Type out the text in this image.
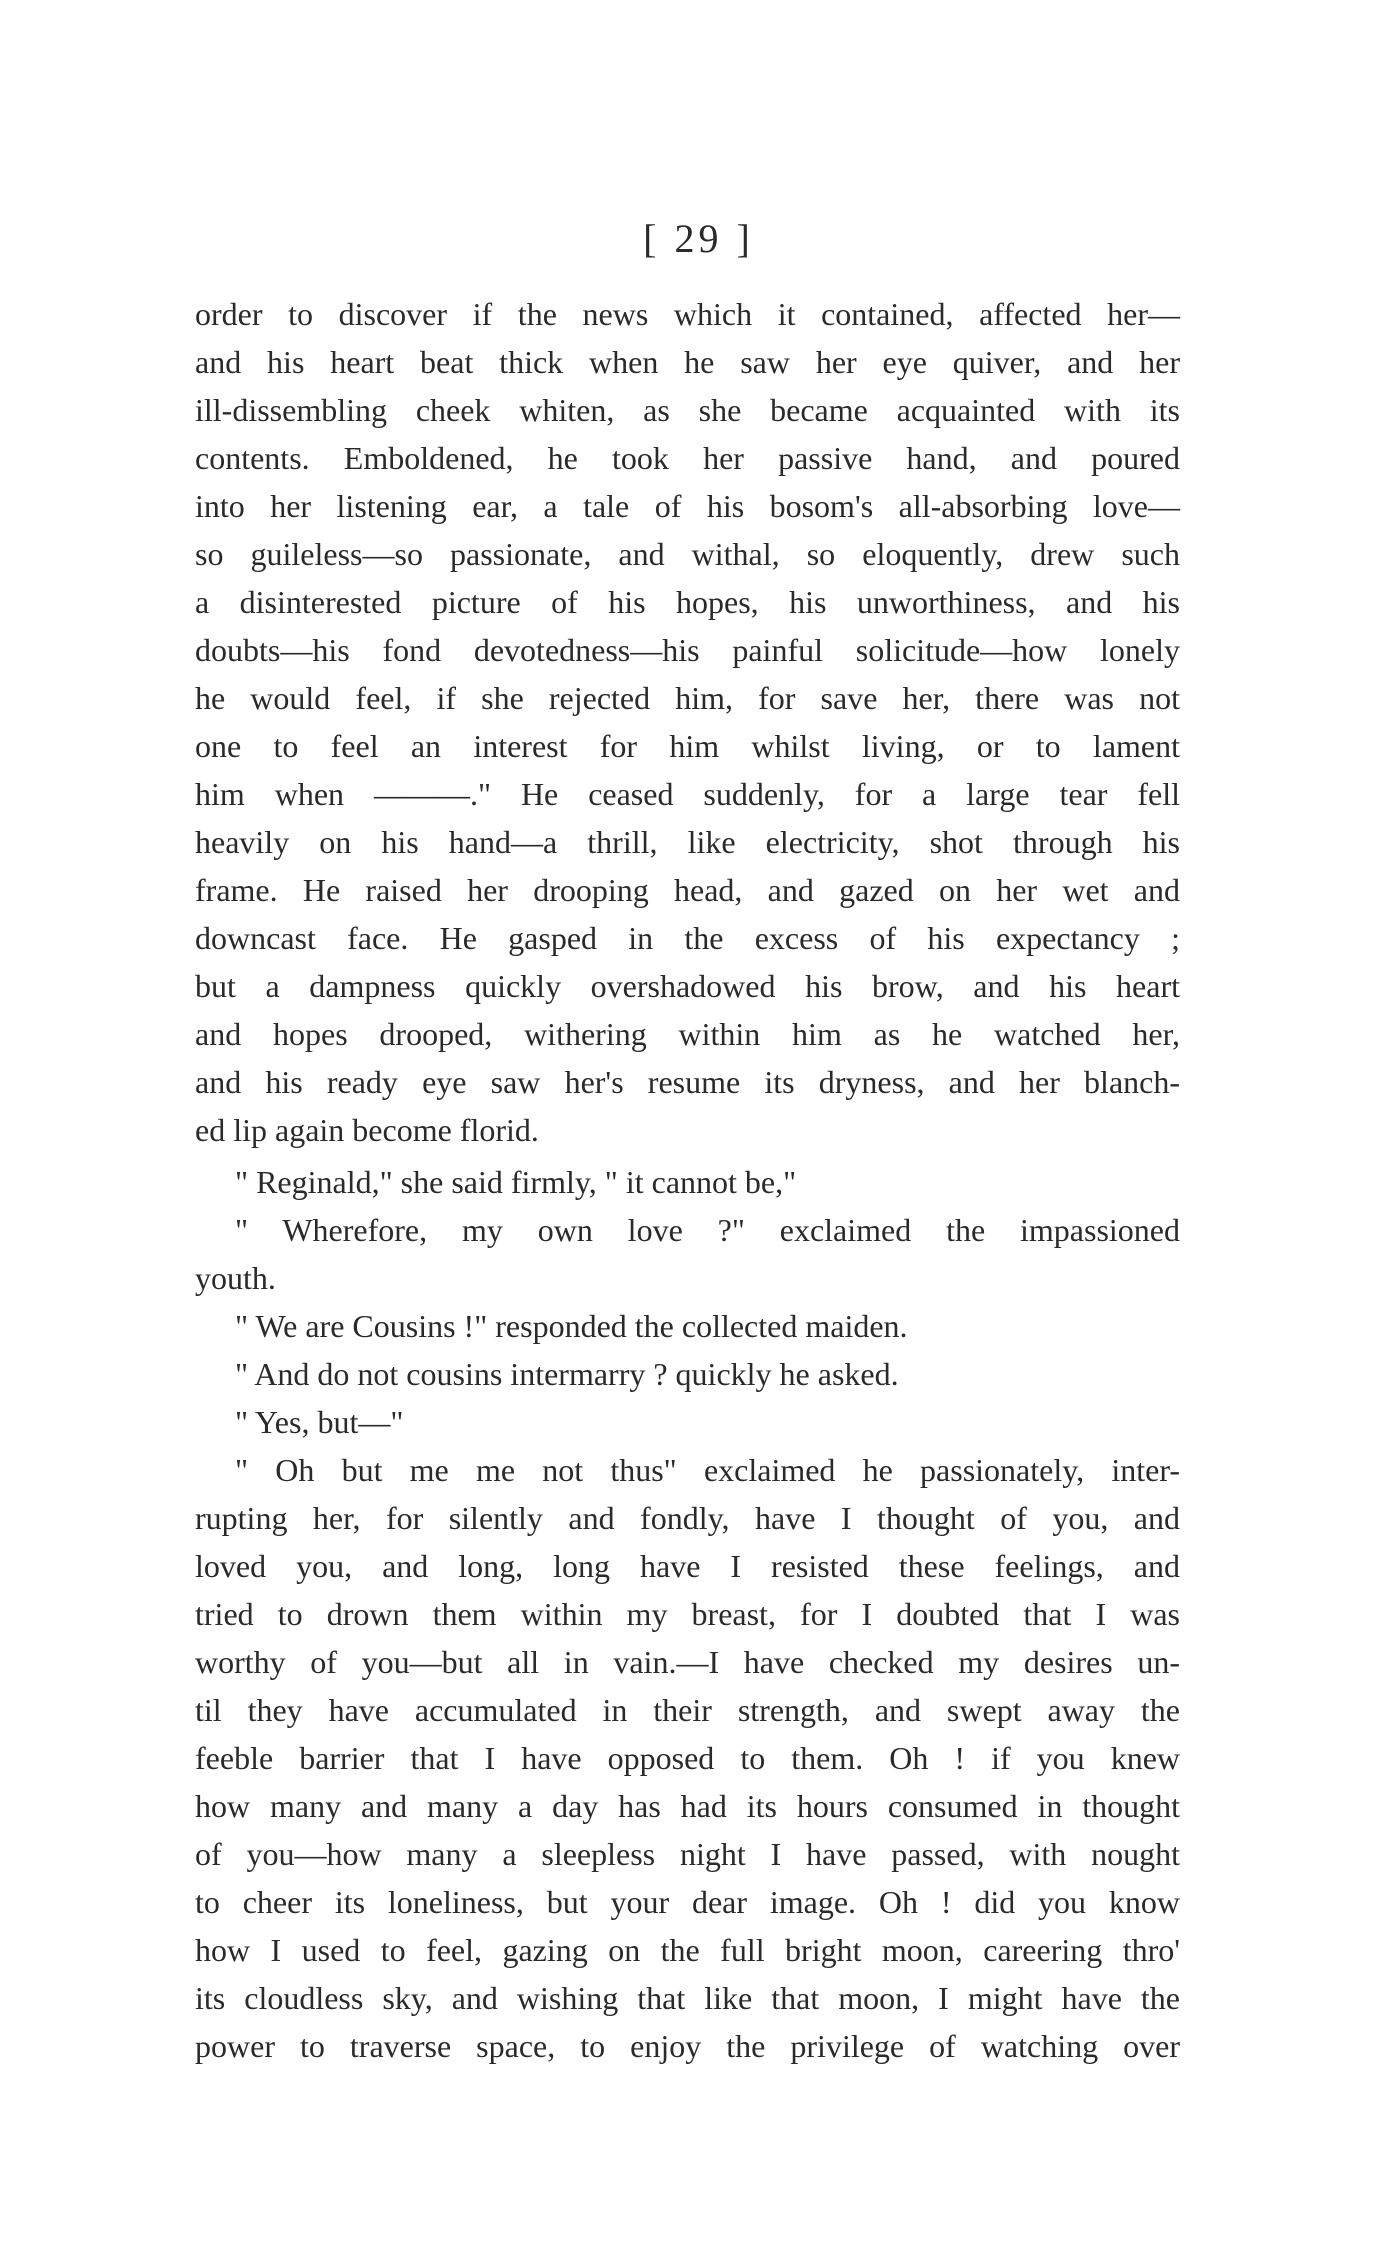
[ 29 ]
order to discover if the news which it contained, affected her—
and his heart beat thick when he saw her eye quiver, and her
ill-dissembling cheek whiten, as she became acquainted with its
contents. Emboldened, he took her passive hand, and poured
into her listening ear, a tale of his bosom's all-absorbing love—
so guileless—so passionate, and withal, so eloquently, drew such
a disinterested picture of his hopes, his unworthiness, and his
doubts—his fond devotedness—his painful solicitude—how lonely
he would feel, if she rejected him, for save her, there was not
one to feel an interest for him whilst living, or to lament
him when ———." He ceased suddenly, for a large tear fell
heavily on his hand—a thrill, like electricity, shot through his
frame. He raised her drooping head, and gazed on her wet and
downcast face. He gasped in the excess of his expectancy ;
but a dampness quickly overshadowed his brow, and his heart
and hopes drooped, withering within him as he watched her,
and his ready eye saw her's resume its dryness, and her blanch-
ed lip again become florid.
" Reginald," she said firmly, " it cannot be,"
" Wherefore, my own love ?" exclaimed the impassioned
youth.
" We are Cousins !" responded the collected maiden.
" And do not cousins intermarry ? quickly he asked.
" Yes, but—"
" Oh but me me not thus" exclaimed he passionately, inter-
rupting her, for silently and fondly, have I thought of you, and
loved you, and long, long have I resisted these feelings, and
tried to drown them within my breast, for I doubted that I was
worthy of you—but all in vain.—I have checked my desires un-
til they have accumulated in their strength, and swept away the
feeble barrier that I have opposed to them. Oh ! if you knew
how many and many a day has had its hours consumed in thought
of you—how many a sleepless night I have passed, with nought
to cheer its loneliness, but your dear image. Oh ! did you know
how I used to feel, gazing on the full bright moon, careering thro'
its cloudless sky, and wishing that like that moon, I might have the
power to traverse space, to enjoy the privilege of watching over
